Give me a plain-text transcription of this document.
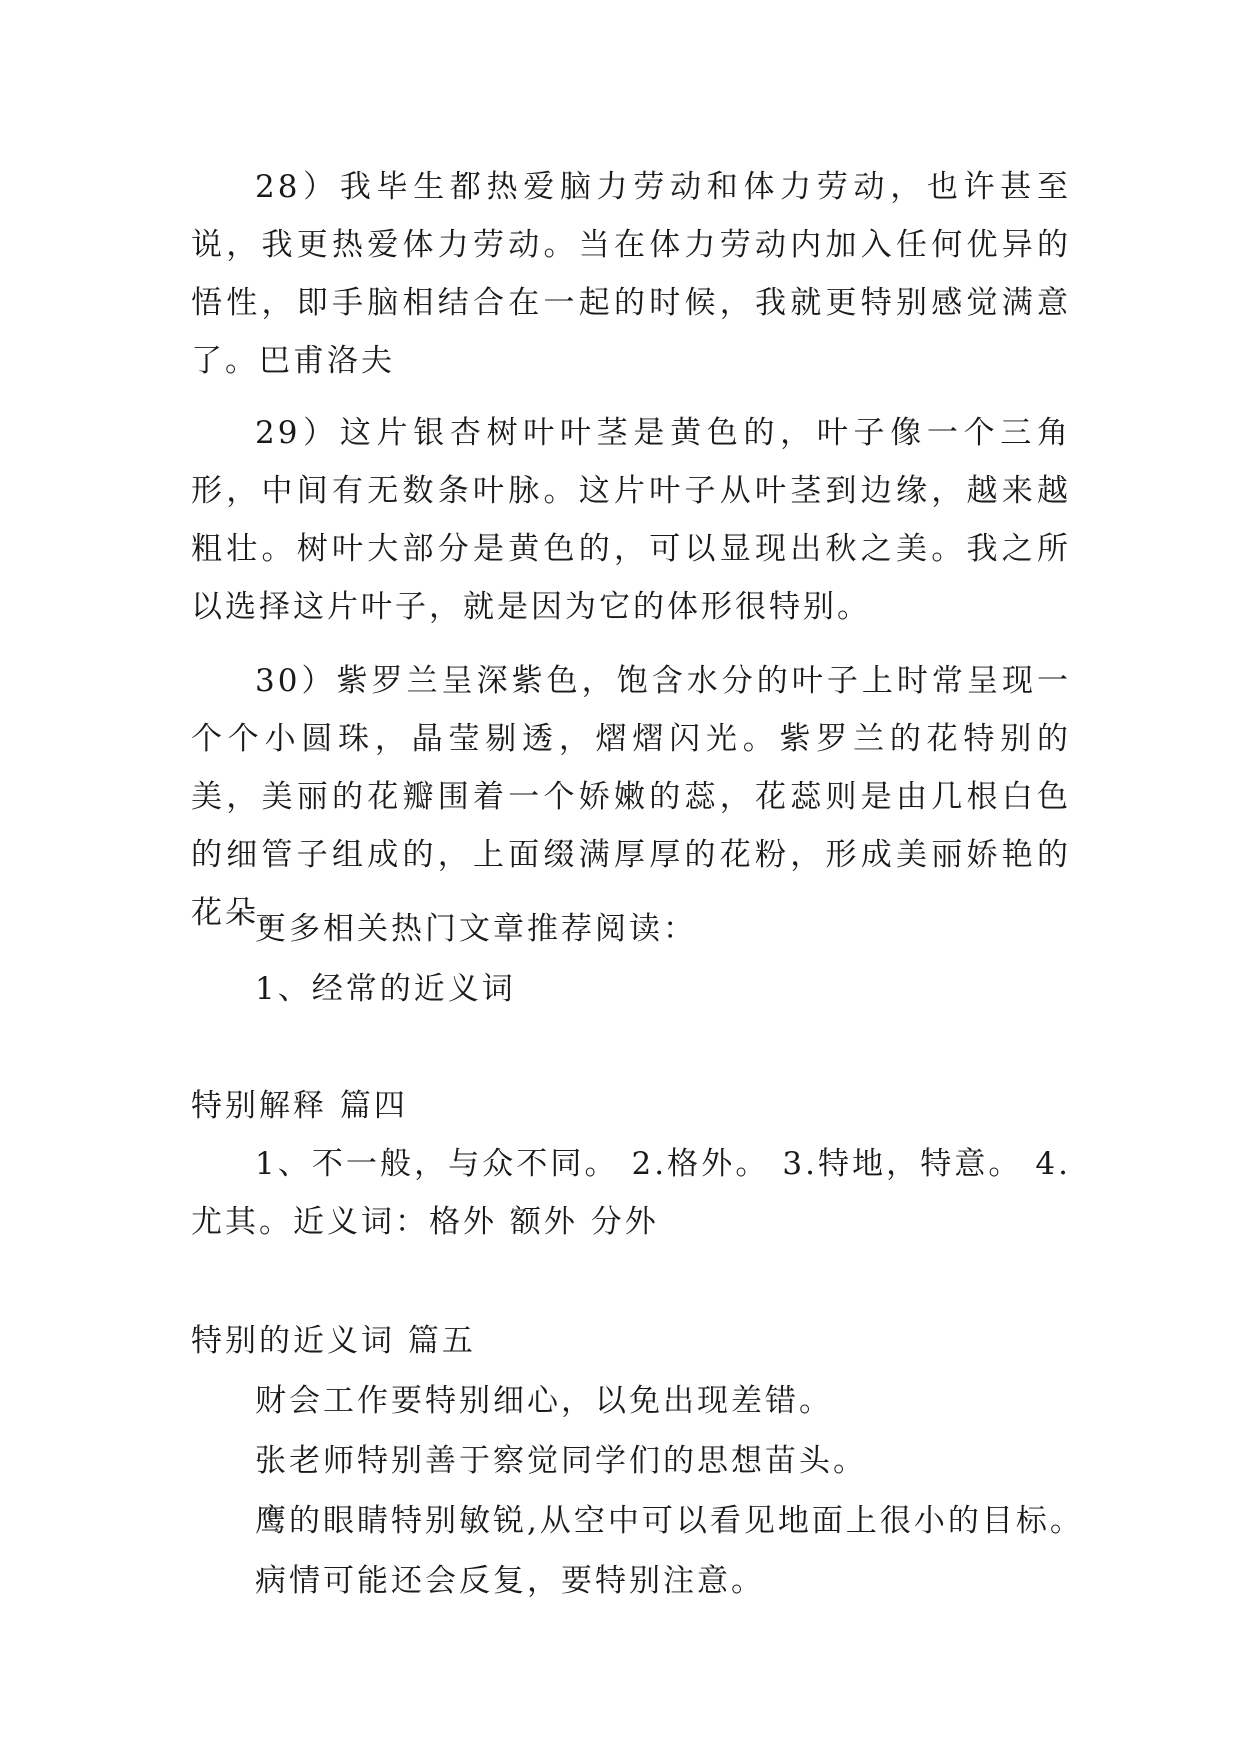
28）我毕生都热爱脑力劳动和体力劳动，也许甚至说，我更热爱体力劳动。当在体力劳动内加入任何优异的悟性，即手脑相结合在一起的时候，我就更特别感觉满意了。巴甫洛夫

29）这片银杏树叶叶茎是黄色的，叶子像一个三角形，中间有无数条叶脉。这片叶子从叶茎到边缘，越来越粗壮。树叶大部分是黄色的，可以显现出秋之美。我之所以选择这片叶子，就是因为它的体形很特别。

30）紫罗兰呈深紫色，饱含水分的叶子上时常呈现一个个小圆珠，晶莹剔透，熠熠闪光。紫罗兰的花特别的美，美丽的花瓣围着一个娇嫩的蕊，花蕊则是由几根白色的细管子组成的，上面缀满厚厚的花粉，形成美丽娇艳的花朵。

更多相关热门文章推荐阅读：

1、经常的近义词

特别解释 篇四

1、不一般，与众不同。 2.格外。 3.特地，特意。 4.尤其。近义词：格外 额外 分外

特别的近义词 篇五

财会工作要特别细心，以免出现差错。

张老师特别善于察觉同学们的思想苗头。

鹰的眼睛特别敏锐,从空中可以看见地面上很小的目标。

病情可能还会反复，要特别注意。
